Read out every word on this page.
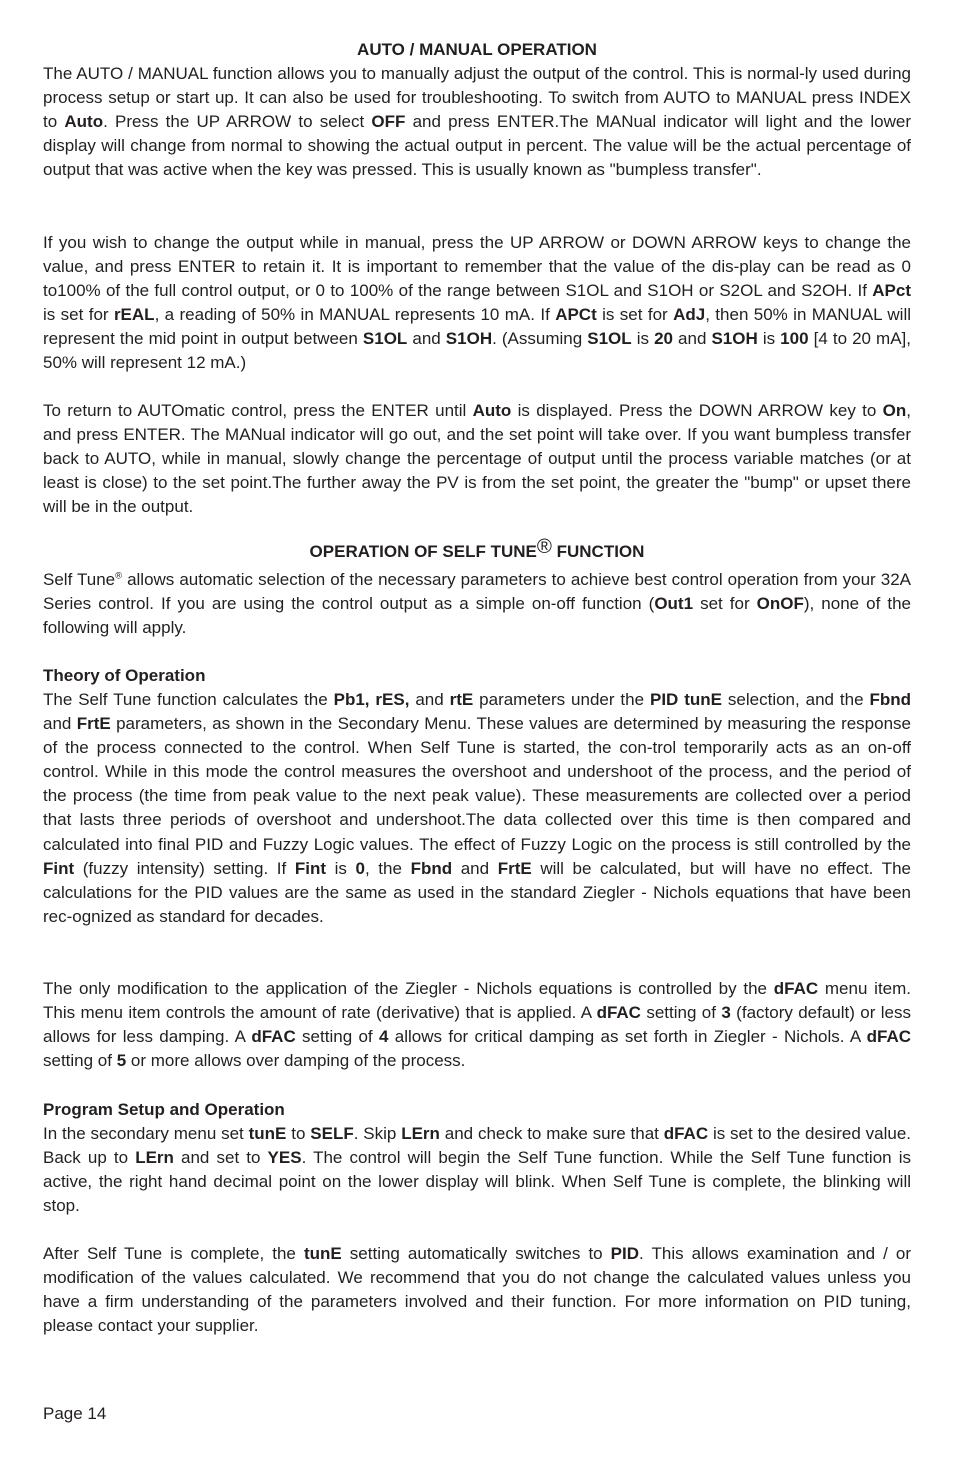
AUTO / MANUAL OPERATION

The AUTO / MANUAL function allows you to manually adjust the output of the control. This is normal-ly used during process setup or start up. It can also be used for troubleshooting. To switch from AUTO to MANUAL press INDEX to Auto. Press the UP ARROW to select OFF and press ENTER.The MANual indicator will light and the lower display will change from normal to showing the actual output in percent. The value will be the actual percentage of output that was active when the key was pressed. This is usually known as "bumpless transfer".

If you wish to change the output while in manual, press the UP ARROW or DOWN ARROW keys to change the value, and press ENTER to retain it. It is important to remember that the value of the dis-play can be read as 0 to100% of the full control output, or 0 to 100% of the range between S1OL and S1OH or S2OL and S2OH. If APct is set for rEAL, a reading of 50% in MANUAL represents 10 mA. If APCt is set for AdJ, then 50% in MANUAL will represent the mid point in output between S1OL and S1OH. (Assuming S1OL is 20 and S1OH is 100 [4 to 20 mA], 50% will represent 12 mA.)

To return to AUTOmatic control, press the ENTER until Auto is displayed. Press the DOWN ARROW key to On, and press ENTER. The MANual indicator will go out, and the set point will take over. If you want bumpless transfer back to AUTO, while in manual, slowly change the percentage of output until the process variable matches (or at least is close) to the set point.The further away the PV is from the set point, the greater the "bump" or upset there will be in the output.

OPERATION OF SELF TUNE® FUNCTION

Self Tune® allows automatic selection of the necessary parameters to achieve best control operation from your 32A Series control. If you are using the control output as a simple on-off function (Out1 set for OnOF), none of the following will apply.

Theory of Operation

The Self Tune function calculates the Pb1, rES, and rtE parameters under the PID tunE selection, and the Fbnd and FrtE parameters, as shown in the Secondary Menu. These values are determined by measuring the response of the process connected to the control. When Self Tune is started, the con-trol temporarily acts as an on-off control. While in this mode the control measures the overshoot and undershoot of the process, and the period of the process (the time from peak value to the next peak value). These measurements are collected over a period that lasts three periods of overshoot and undershoot.The data collected over this time is then compared and calculated into final PID and Fuzzy Logic values. The effect of Fuzzy Logic on the process is still controlled by the Fint (fuzzy intensity) setting. If Fint is 0, the Fbnd and FrtE will be calculated, but will have no effect. The calculations for the PID values are the same as used in the standard Ziegler - Nichols equations that have been rec-ognized as standard for decades.

The only modification to the application of the Ziegler - Nichols equations is controlled by the dFAC menu item. This menu item controls the amount of rate (derivative) that is applied. A dFAC setting of 3 (factory default) or less allows for less damping. A dFAC setting of 4 allows for critical damping as set forth in Ziegler - Nichols. A dFAC setting of 5 or more allows over damping of the process.

Program Setup and Operation

In the secondary menu set tunE to SELF. Skip LErn and check to make sure that dFAC is set to the desired value. Back up to LErn and set to YES. The control will begin the Self Tune function. While the Self Tune function is active, the right hand decimal point on the lower display will blink. When Self Tune is complete, the blinking will stop.

After Self Tune is complete, the tunE setting automatically switches to PID. This allows examination and / or modification of the values calculated. We recommend that you do not change the calculated values unless you have a firm understanding of the parameters involved and their function. For more information on PID tuning, please contact your supplier.

Page 14
